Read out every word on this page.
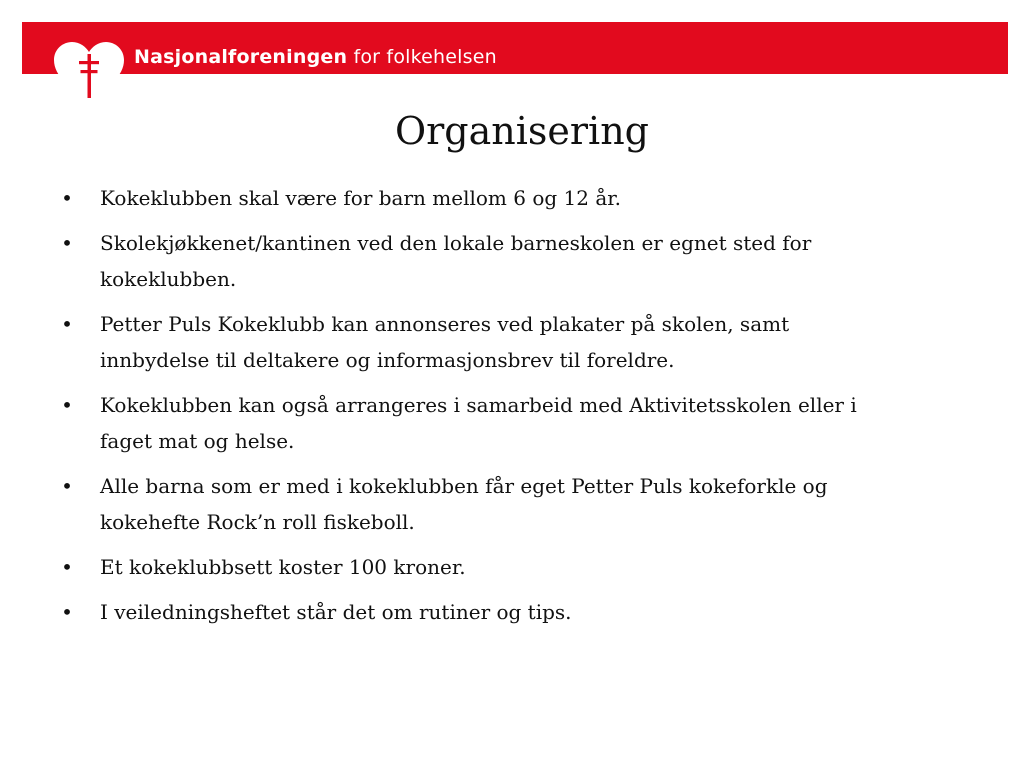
Nasjonalforeningen for folkehelsen
Organisering
• Kokeklubben skal være for barn mellom 6 og 12 år.
• Skolekjøkkenet/kantinen ved den lokale barneskolen er egnet sted for
kokeklubben.
• Petter Puls Kokeklubb kan annonseres ved plakater på skolen, samt
innbydelse til deltakere og informasjonsbrev til foreldre.
• Kokeklubben kan også arrangeres i samarbeid med Aktivitetsskolen eller i
faget mat og helse.
• Alle barna som er med i kokeklubben får eget Petter Puls kokeforkle og
kokehefte Rock’n roll fiskeboll.
• Et kokeklubbsett koster 100 kroner.
• I veiledningsheftet står det om rutiner og tips.
